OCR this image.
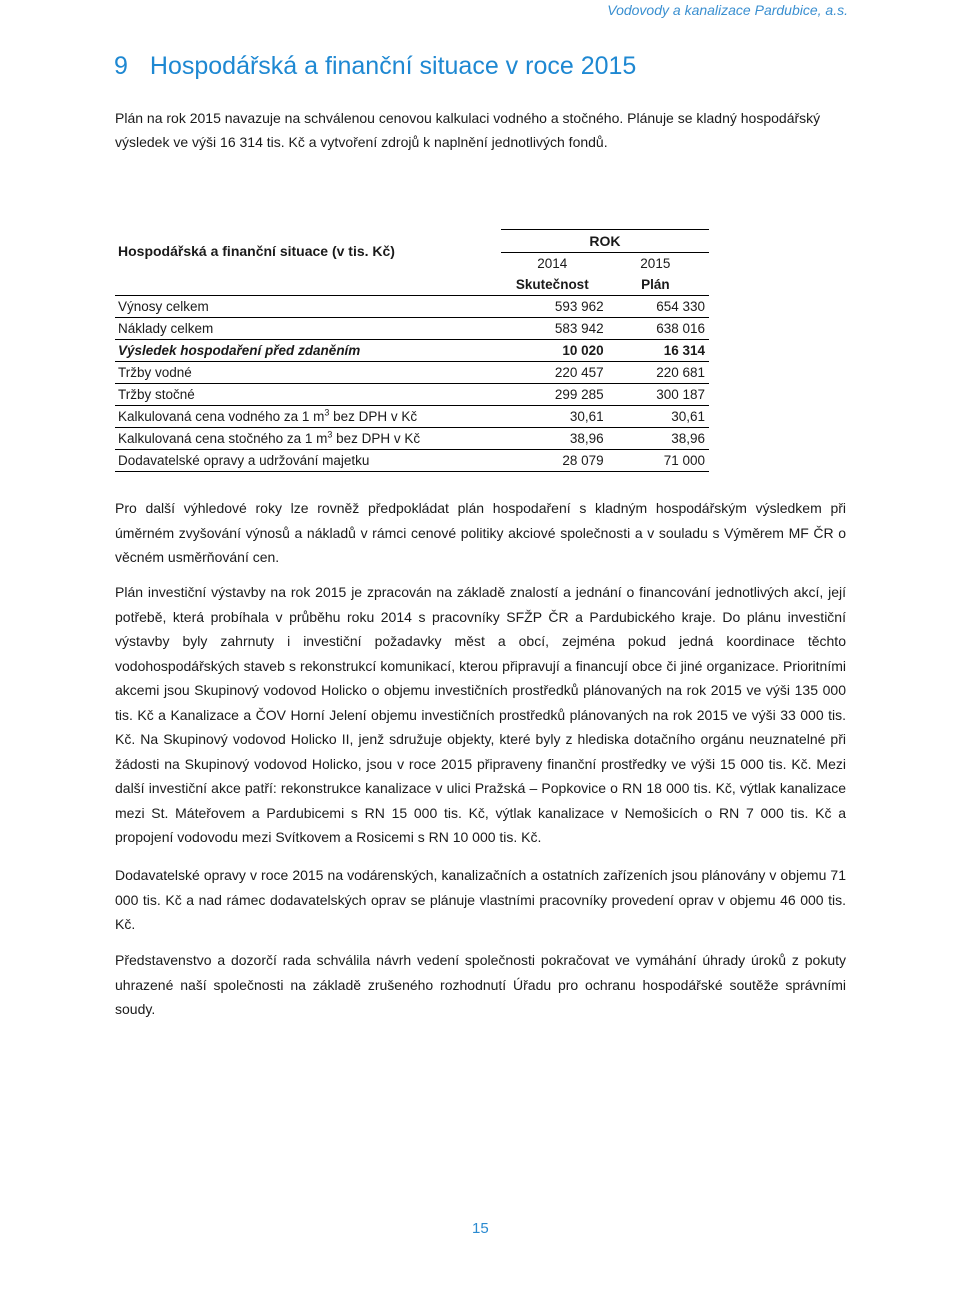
Vodovody a kanalizace Pardubice, a.s.
9 Hospodářská a finanční situace v roce 2015

Plán na rok 2015 navazuje na schválenou cenovou kalkulaci vodného a stočného. Plánuje se kladný hospodářský výsledek ve výši 16 314 tis. Kč a vytvoření zdrojů k naplnění jednotlivých fondů.

Hospodářská a finanční situace (v tis. Kč)	ROK	
	2014	2015
	Skutečnost	Plán
Výnosy celkem	593 962	654 330
Náklady celkem	583 942	638 016
Výsledek hospodaření před zdaněním	10 020	16 314
Tržby vodné	220 457	220 681
Tržby stočné	299 285	300 187
Kalkulovaná cena vodného za 1 $m^3$ bez DPH v Kč	30,61	30,61
Kalkulovaná cena stočného za 1 $m^3$ bez DPH v Kč	38,96	38,96
Dodavatelské opravy a udržování majetku	28 079	71 000

Pro další výhledové roky lze rovněž předpokládat plán hospodaření s kladným hospodářským výsledkem při úměrném zvyšování výnosů a nákladů v rámci cenové politiky akciové společnosti a v souladu s Výměrem MF ČR o věcném usměrňování cen.

Plán investiční výstavby na rok 2015 je zpracován na základě znalostí a jednání o financování jednotlivých akcí, její potřebě, která probíhala v průběhu roku 2014 s pracovníky SFŽP ČR a Pardubického kraje. Do plánu investiční výstavby byly zahrnuty i investiční požadavky měst a obcí, zejména pokud jedná koordinace těchto vodohospodářských staveb s rekonstrukcí komunikací, kterou připravují a financují obce či jiné organizace. Prioritními akcemi jsou Skupinový vodovod Holicko o objemu investičních prostředků plánovaných na rok 2015 ve výši 135 000 tis. Kč a Kanalizace a ČOV Horní Jelení objemu investičních prostředků plánovaných na rok 2015 ve výši 33 000 tis. Kč. Na Skupinový vodovod Holicko II, jenž sdružuje objekty, které byly z hlediska dotačního orgánu neuznatelné při žádosti na Skupinový vodovod Holicko, jsou v roce 2015 připraveny finanční prostředky ve výši 15 000 tis. Kč. Mezi další investiční akce patří: rekonstrukce kanalizace v ulici Pražská – Popkovice o RN 18 000 tis. Kč, výtlak kanalizace mezi St. Máteřovem a Pardubicemi s RN 15 000 tis. Kč, výtlak kanalizace v Nemošicích o RN 7 000 tis. Kč a propojení vodovodu mezi Svítkovem a Rosicemi s RN 10 000 tis. Kč.

Dodavatelské opravy v roce 2015 na vodárenských, kanalizačních a ostatních zařízeních jsou plánovány v objemu 71 000 tis. Kč a nad rámec dodavatelských oprav se plánuje vlastními pracovníky provedení oprav v objemu 46 000 tis. Kč.

Představenstvo a dozorčí rada schválila návrh vedení společnosti pokračovat ve vymáhání úhrady úroků z pokuty uhrazené naší společnosti na základě zrušeného rozhodnutí Úřadu pro ochranu hospodářské soutěže správními soudy.

15
